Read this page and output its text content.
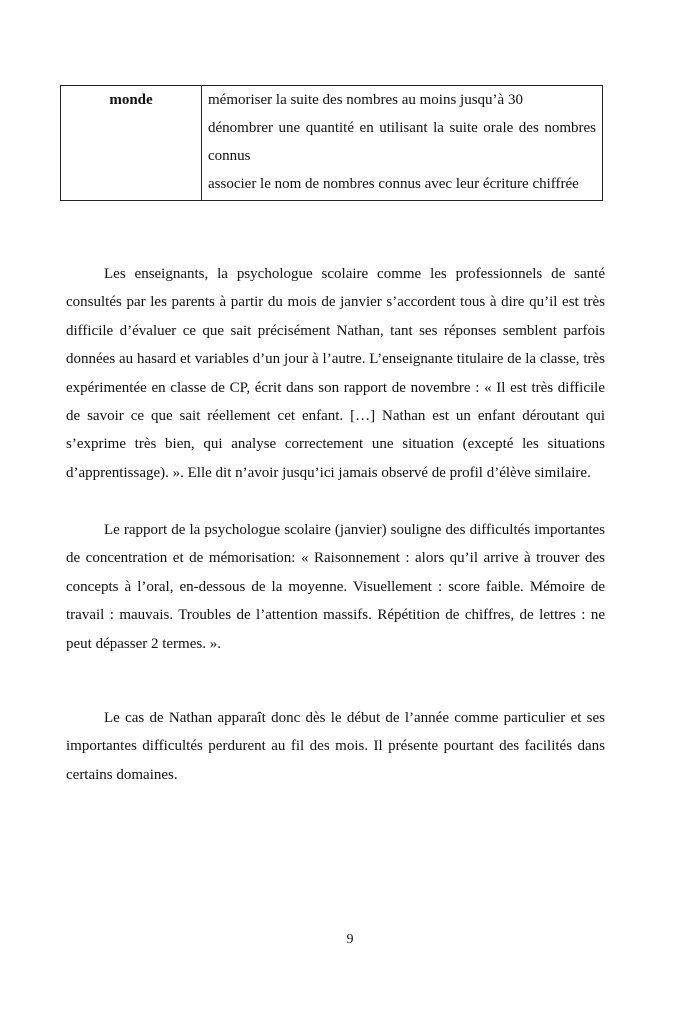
monde	mémoriser la suite des nombres au moins jusqu’à 30
dénombrer une quantité en utilisant la suite orale des nombres connus
associer le nom de nombres connus avec leur écriture chiffrée

Les enseignants, la psychologue scolaire comme les professionnels de santé consultés par les parents à partir du mois de janvier s’accordent tous à dire qu’il est très difficile d’évaluer ce que sait précisément Nathan, tant ses réponses semblent parfois données au hasard et variables d’un jour à l’autre. L’enseignante titulaire de la classe, très expérimentée en classe de CP, écrit dans son rapport de novembre : « Il est très difficile de savoir ce que sait réellement cet enfant. […] Nathan est un enfant déroutant qui s’exprime très bien, qui analyse correctement une situation (excepté les situations d’apprentissage). ». Elle dit n’avoir jusqu’ici jamais observé de profil d’élève similaire.

Le rapport de la psychologue scolaire (janvier) souligne des difficultés importantes de concentration et de mémorisation: « Raisonnement : alors qu’il arrive à trouver des concepts à l’oral, en-dessous de la moyenne. Visuellement : score faible. Mémoire de travail : mauvais. Troubles de l’attention massifs. Répétition de chiffres, de lettres : ne peut dépasser 2 termes. ».

Le cas de Nathan apparaît donc dès le début de l’année comme particulier et ses importantes difficultés perdurent au fil des mois. Il présente pourtant des facilités dans certains domaines.

9
